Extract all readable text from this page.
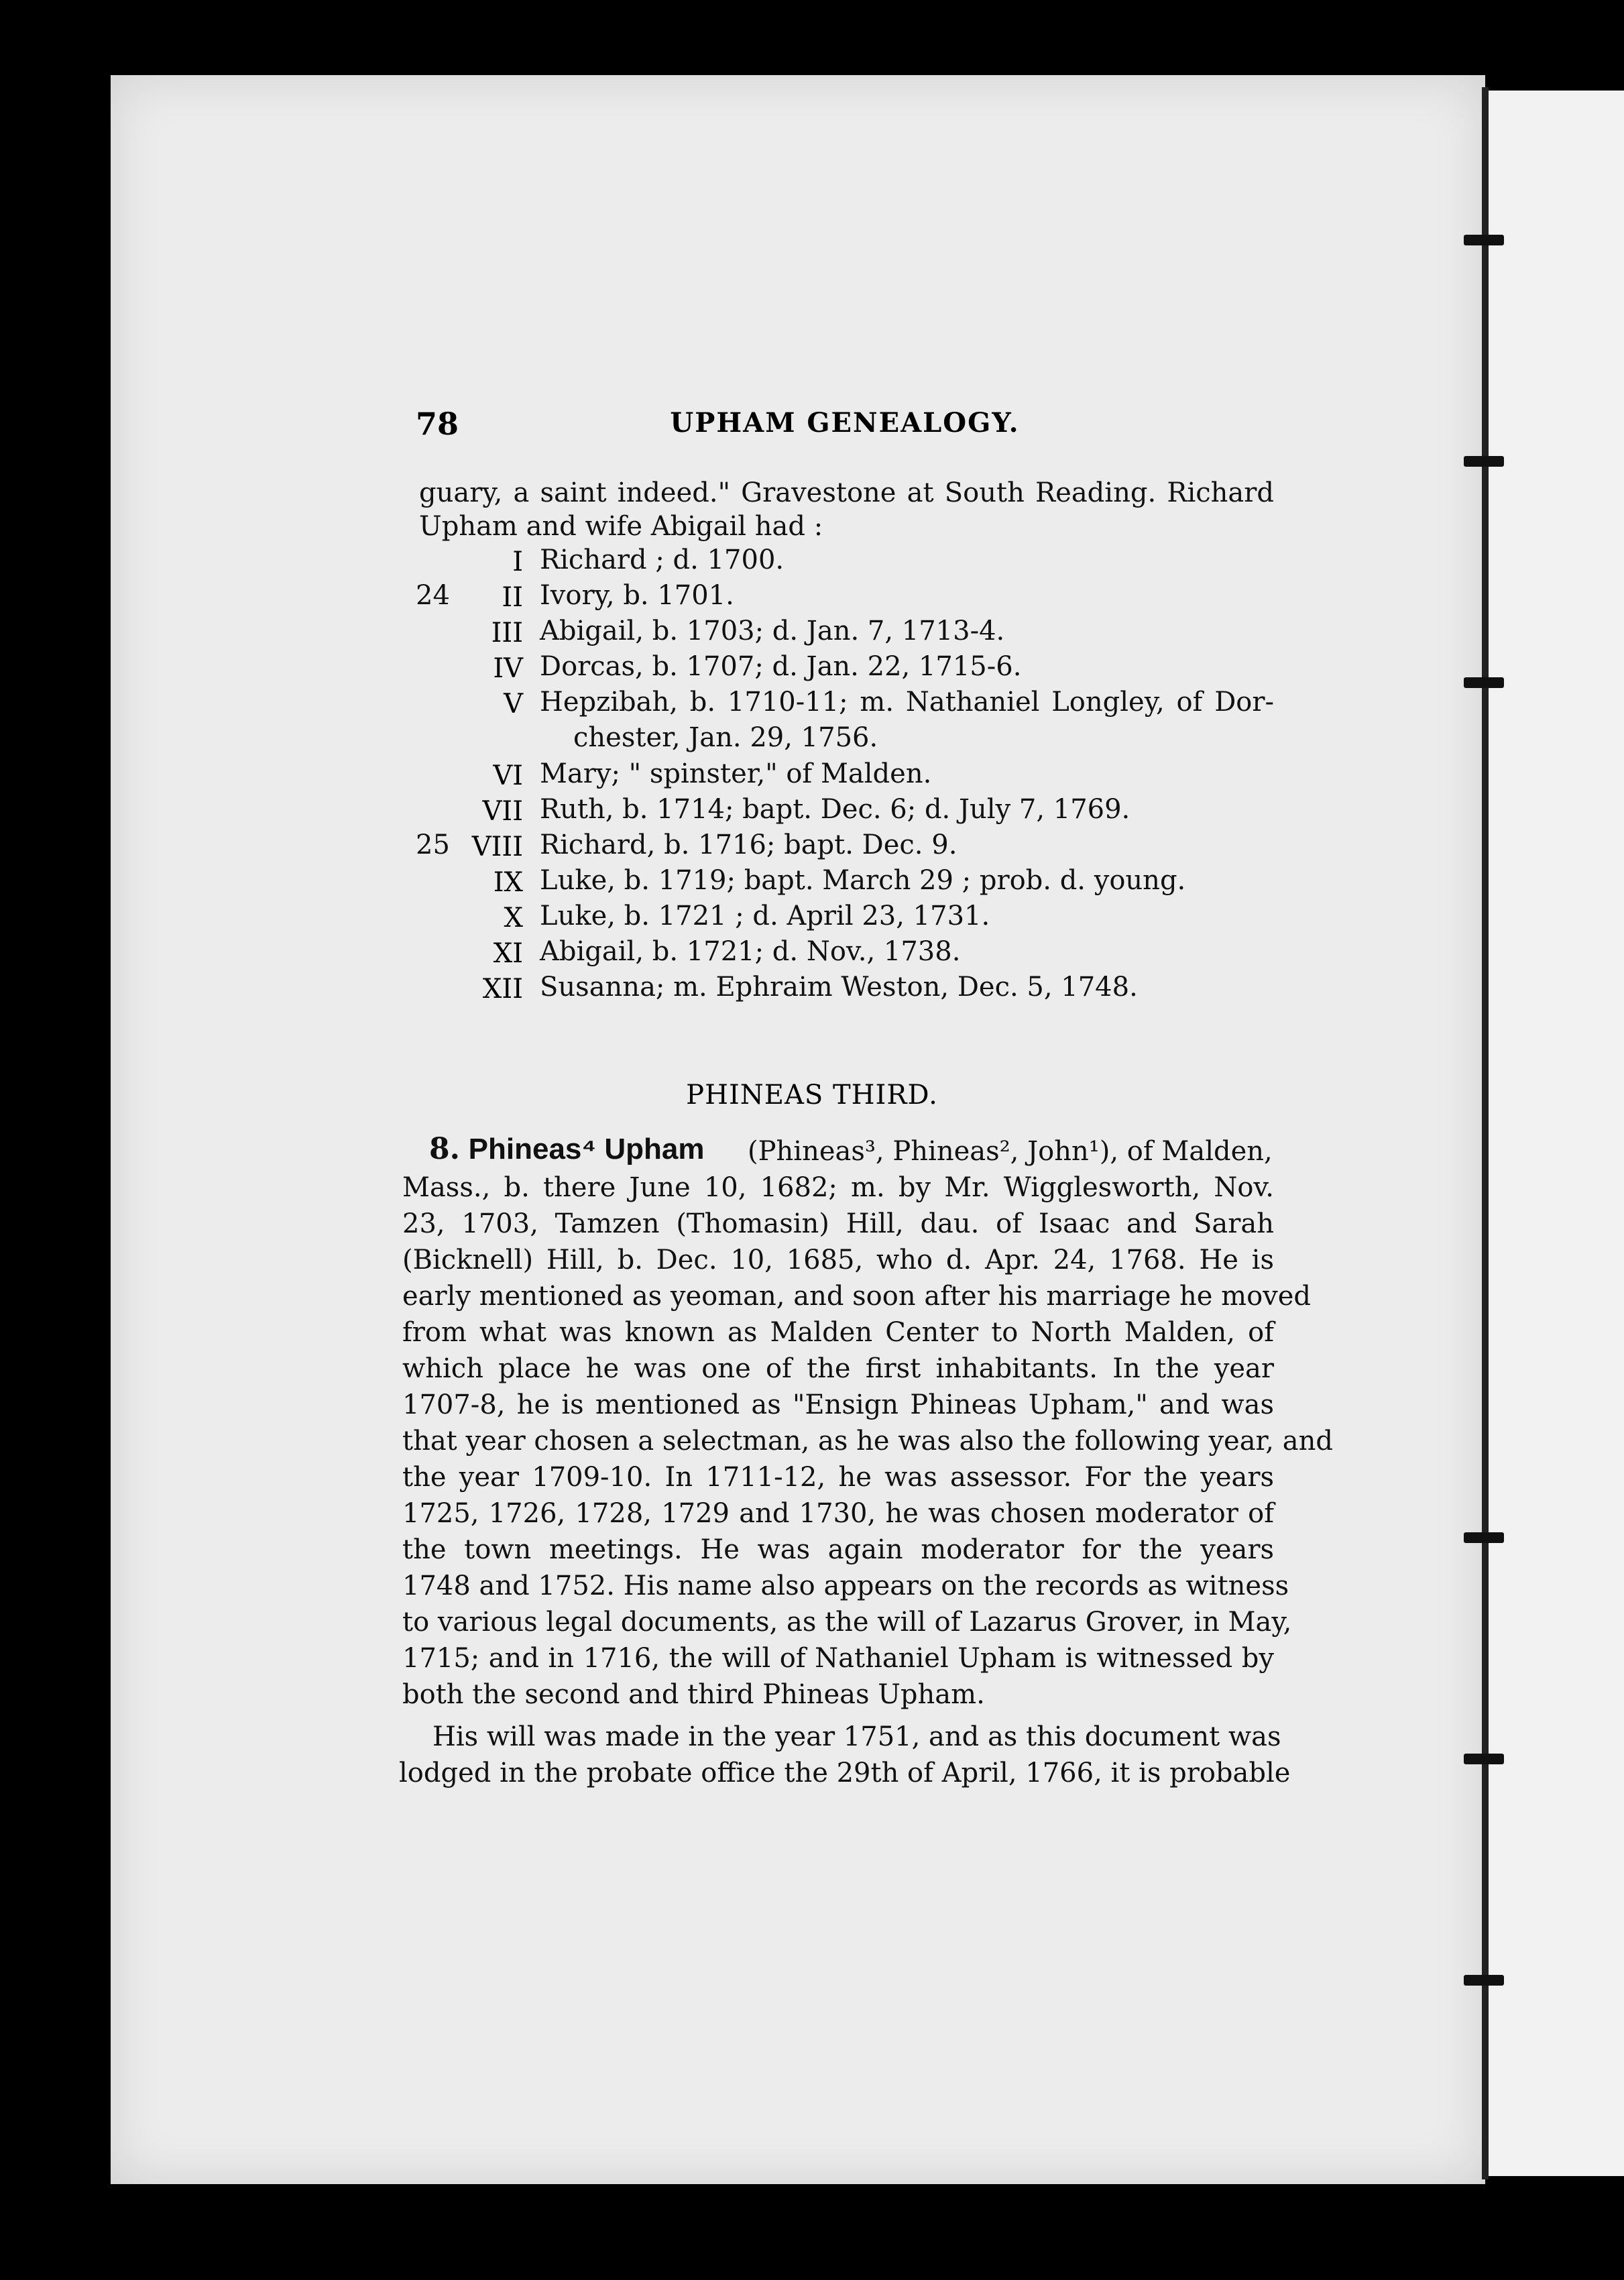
78	UPHAM GENEALOGY.
guary, a saint indeed." Gravestone at South Reading. Richard
Upham and wife Abigail had :
I Richard ; d. 1700.
24	II Ivory, b. 1701.
III Abigail, b. 1703; d. Jan. 7, 1713-4.
IV Dorcas, b. 1707; d. Jan. 22, 1715-6.
V Hepzibah, b. 1710-11; m. Nathaniel Longley, of Dor-
chester, Jan. 29, 1756.
VI Mary; " spinster," of Malden.
VII Ruth, b. 1714; bapt. Dec. 6; d. July 7, 1769.
25 VIII Richard, b. 1716; bapt. Dec. 9.
IX Luke, b. 1719; bapt. March 29 ; prob. d. young.
X Luke, b. 1721 ; d. April 23, 1731.
XI Abigail, b. 1721; d. Nov., 1738.
XII Susanna; m. Ephraim Weston, Dec. 5, 1748.
PHINEAS THIRD.
8. Phineas⁴ Upham (Phineas³, Phineas², John¹), of Malden,
Mass., b. there June 10, 1682; m. by Mr. Wigglesworth, Nov.
23, 1703, Tamzen (Thomasin) Hill, dau. of Isaac and Sarah
(Bicknell) Hill, b. Dec. 10, 1685, who d. Apr. 24, 1768. He is
early mentioned as yeoman, and soon after his marriage he moved
from what was known as Malden Center to North Malden, of
which place he was one of the first inhabitants. In the year
1707-8, he is mentioned as "Ensign Phineas Upham," and was
that year chosen a selectman, as he was also the following year, and
the year 1709-10. In 1711-12, he was assessor. For the years
1725, 1726, 1728, 1729 and 1730, he was chosen moderator of
the town meetings. He was again moderator for the years
1748 and 1752. His name also appears on the records as witness
to various legal documents, as the will of Lazarus Grover, in May,
1715; and in 1716, the will of Nathaniel Upham is witnessed by
both the second and third Phineas Upham.
His will was made in the year 1751, and as this document was
lodged in the probate office the 29th of April, 1766, it is probable
